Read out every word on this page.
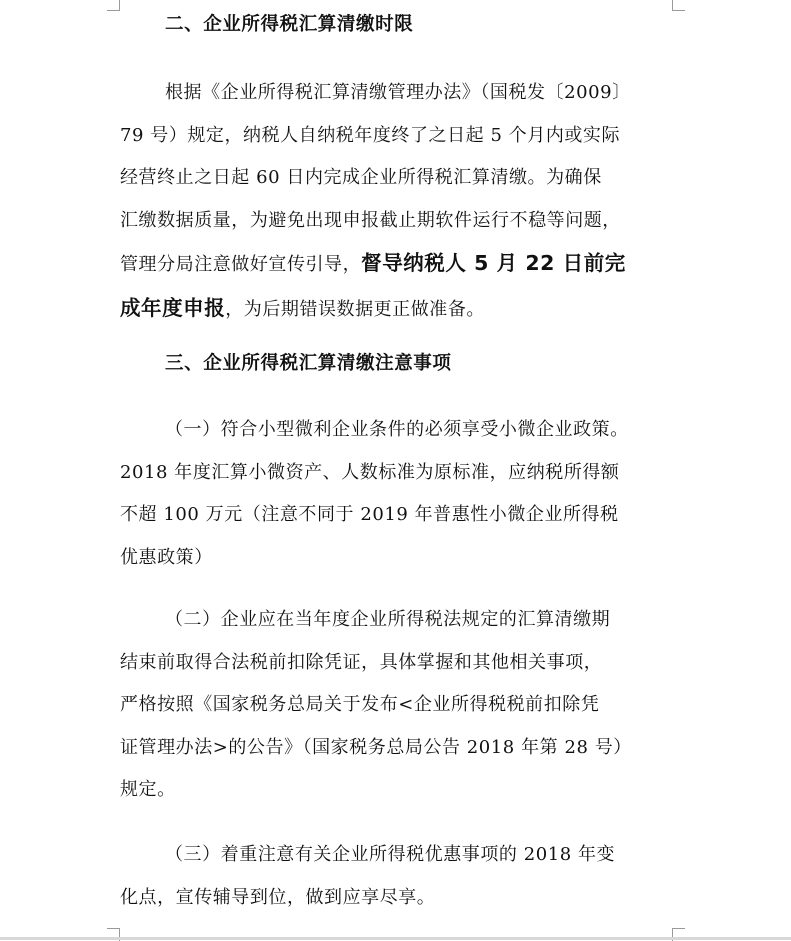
二、企业所得税汇算清缴时限

根据《企业所得税汇算清缴管理办法》（国税发〔2009〕
79 号）规定，纳税人自纳税年度终了之日起 5 个月内或实际
经营终止之日起 60 日内完成企业所得税汇算清缴。为确保
汇缴数据质量，为避免出现申报截止期软件运行不稳等问题，
管理分局注意做好宣传引导，督导纳税人 5 月 22 日前完
成年度申报，为后期错误数据更正做准备。

三、企业所得税汇算清缴注意事项

（一）符合小型微利企业条件的必须享受小微企业政策。
2018 年度汇算小微资产、人数标准为原标准，应纳税所得额
不超 100 万元（注意不同于 2019 年普惠性小微企业所得税
优惠政策）

（二）企业应在当年度企业所得税法规定的汇算清缴期
结束前取得合法税前扣除凭证，具体掌握和其他相关事项，
严格按照《国家税务总局关于发布<企业所得税税前扣除凭
证管理办法>的公告》（国家税务总局公告 2018 年第 28 号）
规定。

（三）着重注意有关企业所得税优惠事项的 2018 年变
化点，宣传辅导到位，做到应享尽享。
